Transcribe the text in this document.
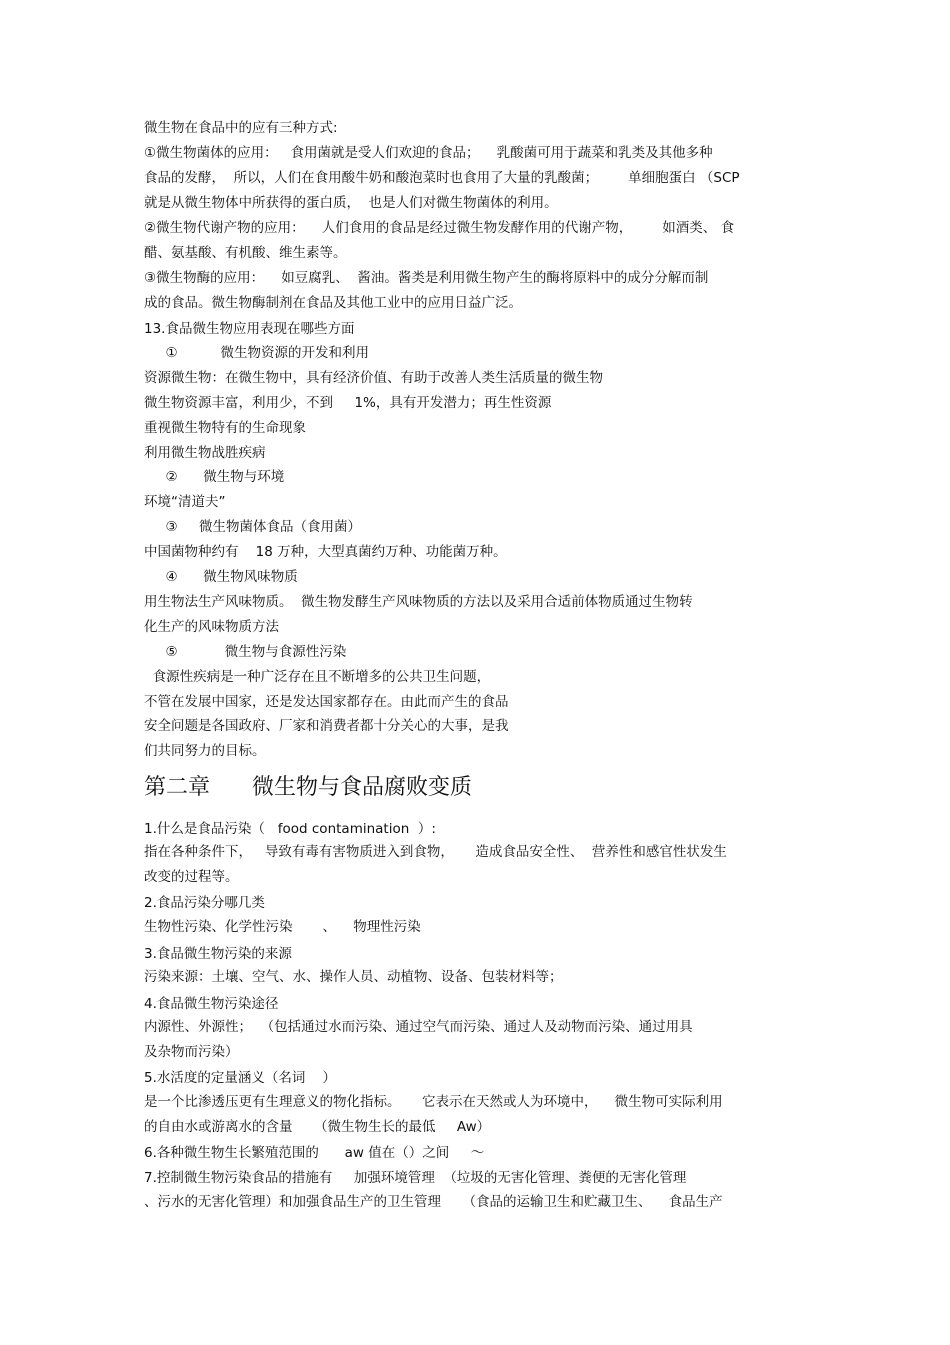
微生物在食品中的应有三种方式:

①微生物菌体的应用：   食用菌就是受人们欢迎的食品；    乳酸菌可用于蔬菜和乳类及其他多种

食品的发酵，  所以，人们在食用酸牛奶和酸泡菜时也食用了大量的乳酸菌；       单细胞蛋白 （SCP

就是从微生物体中所获得的蛋白质，  也是人们对微生物菌体的利用。

②微生物代谢产物的应用：    人们食用的食品是经过微生物发酵作用的代谢产物，       如酒类、 食

醋、氨基酸、有机酸、维生素等。

③微生物酶的应用：    如豆腐乳、  酱油。酱类是利用微生物产生的酶将原料中的成分分解而制

成的食品。微生物酶制剂在食品及其他工业中的应用日益广泛。

13.食品微生物应用表现在哪些方面

①          微生物资源的开发和利用

资源微生物：在微生物中，具有经济价值、有助于改善人类生活质量的微生物

微生物资源丰富，利用少，不到     1%，具有开发潜力；再生性资源

重视微生物特有的生命现象

利用微生物战胜疾病

②      微生物与环境

环境“清道夫”

③     微生物菌体食品（食用菌）

中国菌物种约有    18 万种，大型真菌约万种、功能菌万种。

④      微生物风味物质

用生物法生产风味物质。  微生物发酵生产风味物质的方法以及采用合适前体物质通过生物转

化生产的风味物质方法

⑤           微生物与食源性污染

食源性疾病是一种广泛存在且不断增多的公共卫生问题，

不管在发展中国家，还是发达国家都存在。由此而产生的食品

安全问题是各国政府、厂家和消费者都十分关心的大事，是我

们共同努力的目标。

第二章      微生物与食品腐败变质

1.什么是食品污染（   food contamination  ）:

指在各种条件下，   导致有毒有害物质进入到食物，     造成食品安全性、  营养性和感官性状发生

改变的过程等。

2.食品污染分哪几类

生物性污染、化学性污染       、    物理性污染

3.食品微生物污染的来源

污染来源：土壤、空气、水、操作人员、动植物、设备、包装材料等；

4.食品微生物污染途径

内源性、外源性；  （包括通过水而污染、通过空气而污染、通过人及动物而污染、通过用具

及杂物而污染）

5.水活度的定量涵义（名词    ）

是一个比渗透压更有生理意义的物化指标。     它表示在天然或人为环境中，    微生物可实际利用

的自由水或游离水的含量     （微生物生长的最低     Aw）

6.各种微生物生长繁殖范围的      aw 值在（）之间     ～

7.控制微生物污染食品的措施有     加强环境管理  （垃圾的无害化管理、粪便的无害化管理

、污水的无害化管理）和加强食品生产的卫生管理     （食品的运输卫生和贮藏卫生、    食品生产
